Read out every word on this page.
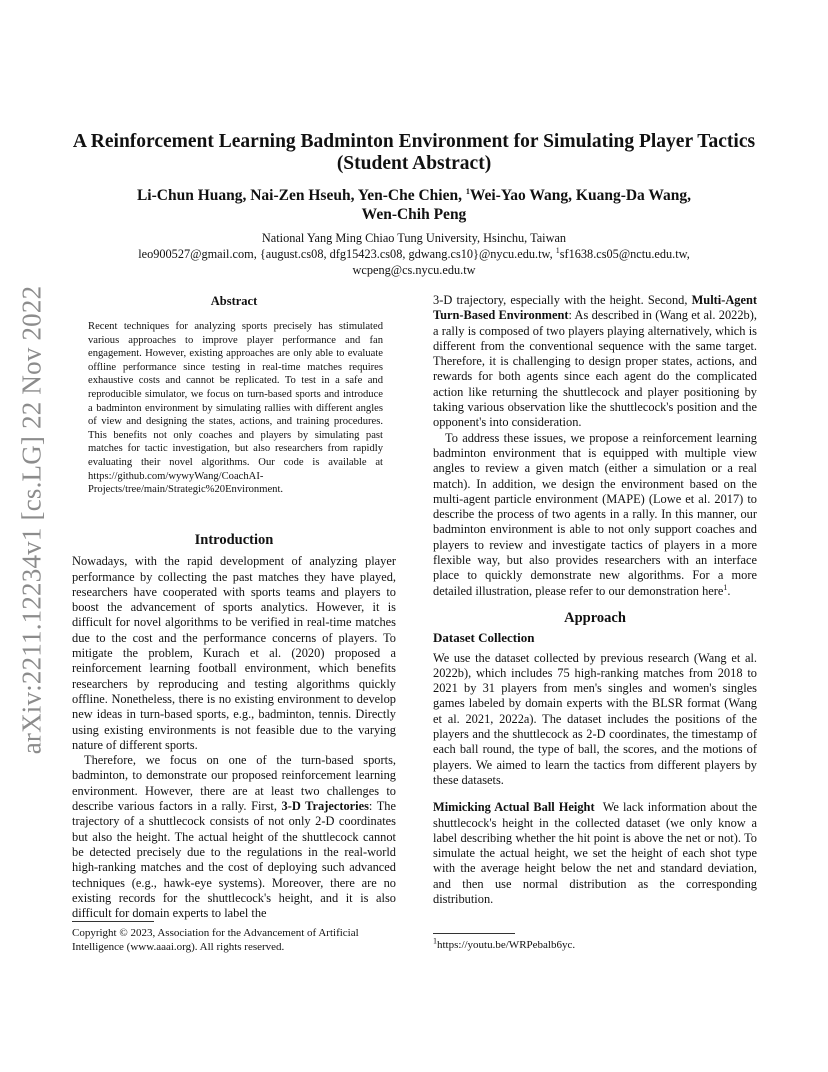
A Reinforcement Learning Badminton Environment for Simulating Player Tactics
(Student Abstract)
Li-Chun Huang, Nai-Zen Hseuh, Yen-Che Chien, $^1$Wei-Yao Wang, Kuang-Da Wang,
Wen-Chih Peng
National Yang Ming Chiao Tung University, Hsinchu, Taiwan
leo900527@gmail.com, {august.cs08, dfg15423.cs08, gdwang.cs10}@nycu.edu.tw, $^1$sf1638.cs05@nctu.edu.tw,
wcpeng@cs.nycu.edu.tw
arXiv:2211.12234v1 [cs.LG] 22 Nov 2022	Abstract
Recent techniques for analyzing sports precisely has stimulated various approaches to improve player performance and fan engagement. However, existing approaches are only able to evaluate offline performance since testing in real-time matches requires exhaustive costs and cannot be replicated. To test in a safe and reproducible simulator, we focus on turn-based sports and introduce a badminton environment by simulating rallies with different angles of view and designing the states, actions, and training procedures. This benefits not only coaches and players by simulating past matches for tactic investigation, but also researchers from rapidly evaluating their novel algorithms. Our code is available at https://github.com/wywyWang/CoachAI-Projects/tree/main/Strategic%20Environment.
Introduction

Nowadays, with the rapid development of analyzing player performance by collecting the past matches they have played, researchers have cooperated with sports teams and players to boost the advancement of sports analytics. However, it is difficult for novel algorithms to be verified in real-time matches due to the cost and the performance concerns of players. To mitigate the problem, Kurach et al. (2020) proposed a reinforcement learning football environment, which benefits researchers by reproducing and testing algorithms quickly offline. Nonetheless, there is no existing environment to develop new ideas in turn-based sports, e.g., badminton, tennis. Directly using existing environments is not feasible due to the varying nature of different sports.

Therefore, we focus on one of the turn-based sports, badminton, to demonstrate our proposed reinforcement learning environment. However, there are at least two challenges to describe various factors in a rally. First, 3-D Trajectories: The trajectory of a shuttlecock consists of not only 2-D coordinates but also the height. The actual height of the shuttlecock cannot be detected precisely due to the regulations in the real-world high-ranking matches and the cost of deploying such advanced techniques (e.g., hawk-eye systems). Moreover, there are no existing records for the shuttlecock's height, and it is also difficult for domain experts to label the

Copyright © 2023, Association for the Advancement of Artificial Intelligence (www.aaai.org). All rights reserved.

3-D trajectory, especially with the height. Second, Multi-Agent Turn-Based Environment: As described in (Wang et al. 2022b), a rally is composed of two players playing alternatively, which is different from the conventional sequence with the same target. Therefore, it is challenging to design proper states, actions, and rewards for both agents since each agent do the complicated action like returning the shuttlecock and player positioning by taking various observation like the shuttlecock's position and the opponent's into consideration.

To address these issues, we propose a reinforcement learning badminton environment that is equipped with multiple view angles to review a given match (either a simulation or a real match). In addition, we design the environment based on the multi-agent particle environment (MAPE) (Lowe et al. 2017) to describe the process of two agents in a rally. In this manner, our badminton environment is able to not only support coaches and players to review and investigate tactics of players in a more flexible way, but also provides researchers with an interface place to quickly demonstrate new algorithms. For a more detailed illustration, please refer to our demonstration here$^1$.

Approach
Dataset Collection

We use the dataset collected by previous research (Wang et al. 2022b), which includes 75 high-ranking matches from 2018 to 2021 by 31 players from men's singles and women's singles games labeled by domain experts with the BLSR format (Wang et al. 2021, 2022a). The dataset includes the positions of the players and the shuttlecock as 2-D coordinates, the timestamp of each ball round, the type of ball, the scores, and the motions of players. We aimed to learn the tactics from different players by these datasets.

Mimicking Actual Ball Height We lack information about the shuttlecock's height in the collected dataset (we only know a label describing whether the hit point is above the net or not). To simulate the actual height, we set the height of each shot type with the average height below the net and standard deviation, and then use normal distribution as the corresponding distribution.

$^1$https://youtu.be/WRPebalb6yc.
